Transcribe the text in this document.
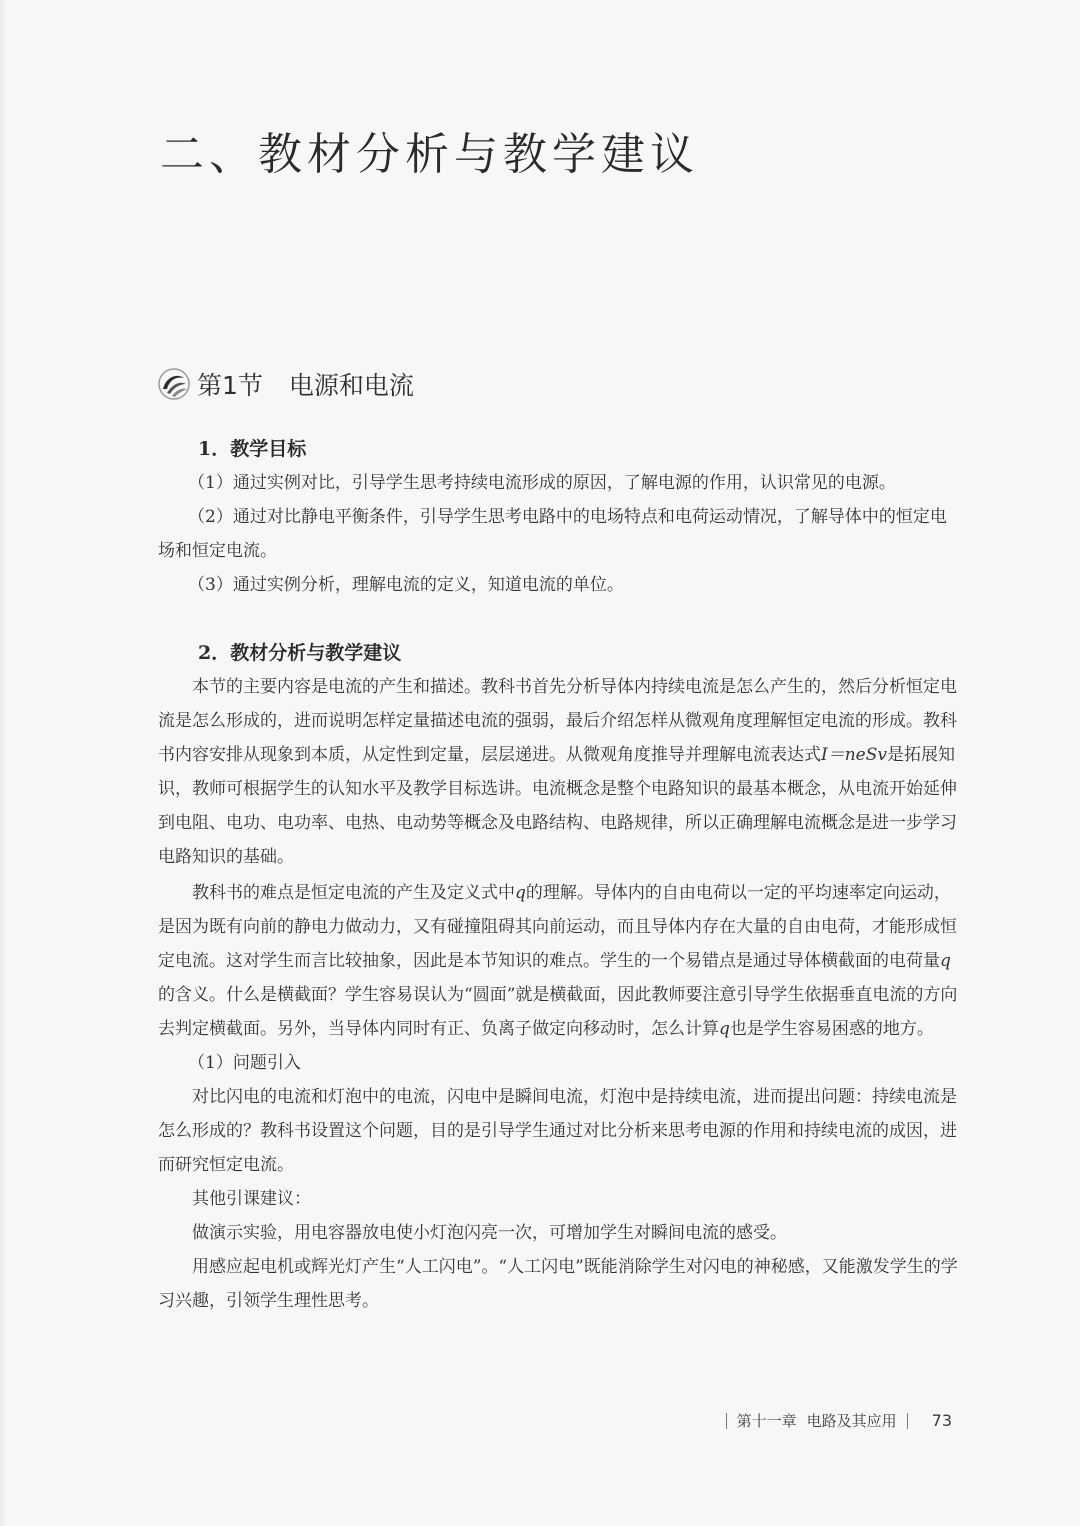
二、教材分析与教学建议
第1节 电源和电流

1．教学目标

（1）通过实例对比，引导学生思考持续电流形成的原因，了解电源的作用，认识常见的电源。

（2）通过对比静电平衡条件，引导学生思考电路中的电场特点和电荷运动情况，了解导体中的恒定电场和恒定电流。

（3）通过实例分析，理解电流的定义，知道电流的单位。

2．教材分析与教学建议

本节的主要内容是电流的产生和描述。教科书首先分析导体内持续电流是怎么产生的，然后分析恒定电流是怎么形成的，进而说明怎样定量描述电流的强弱，最后介绍怎样从微观角度理解恒定电流的形成。教科书内容安排从现象到本质，从定性到定量，层层递进。从微观角度推导并理解电流表达式I＝neSv是拓展知识，教师可根据学生的认知水平及教学目标选讲。电流概念是整个电路知识的最基本概念，从电流开始延伸到电阻、电功、电功率、电热、电动势等概念及电路结构、电路规律，所以正确理解电流概念是进一步学习电路知识的基础。

教科书的难点是恒定电流的产生及定义式中q的理解。导体内的自由电荷以一定的平均速率定向运动，是因为既有向前的静电力做动力，又有碰撞阻碍其向前运动，而且导体内存在大量的自由电荷，才能形成恒定电流。这对学生而言比较抽象，因此是本节知识的难点。学生的一个易错点是通过导体横截面的电荷量q的含义。什么是横截面？学生容易误认为“圆面”就是横截面，因此教师要注意引导学生依据垂直电流的方向去判定横截面。另外，当导体内同时有正、负离子做定向移动时，怎么计算q也是学生容易困惑的地方。

（1）问题引入

对比闪电的电流和灯泡中的电流，闪电中是瞬间电流，灯泡中是持续电流，进而提出问题：持续电流是怎么形成的？教科书设置这个问题，目的是引导学生通过对比分析来思考电源的作用和持续电流的成因，进而研究恒定电流。

其他引课建议：

做演示实验，用电容器放电使小灯泡闪亮一次，可增加学生对瞬间电流的感受。

用感应起电机或辉光灯产生“人工闪电”。“人工闪电”既能消除学生对闪电的神秘感，又能激发学生的学习兴趣，引领学生理性思考。

第十一章 电路及其应用 73
